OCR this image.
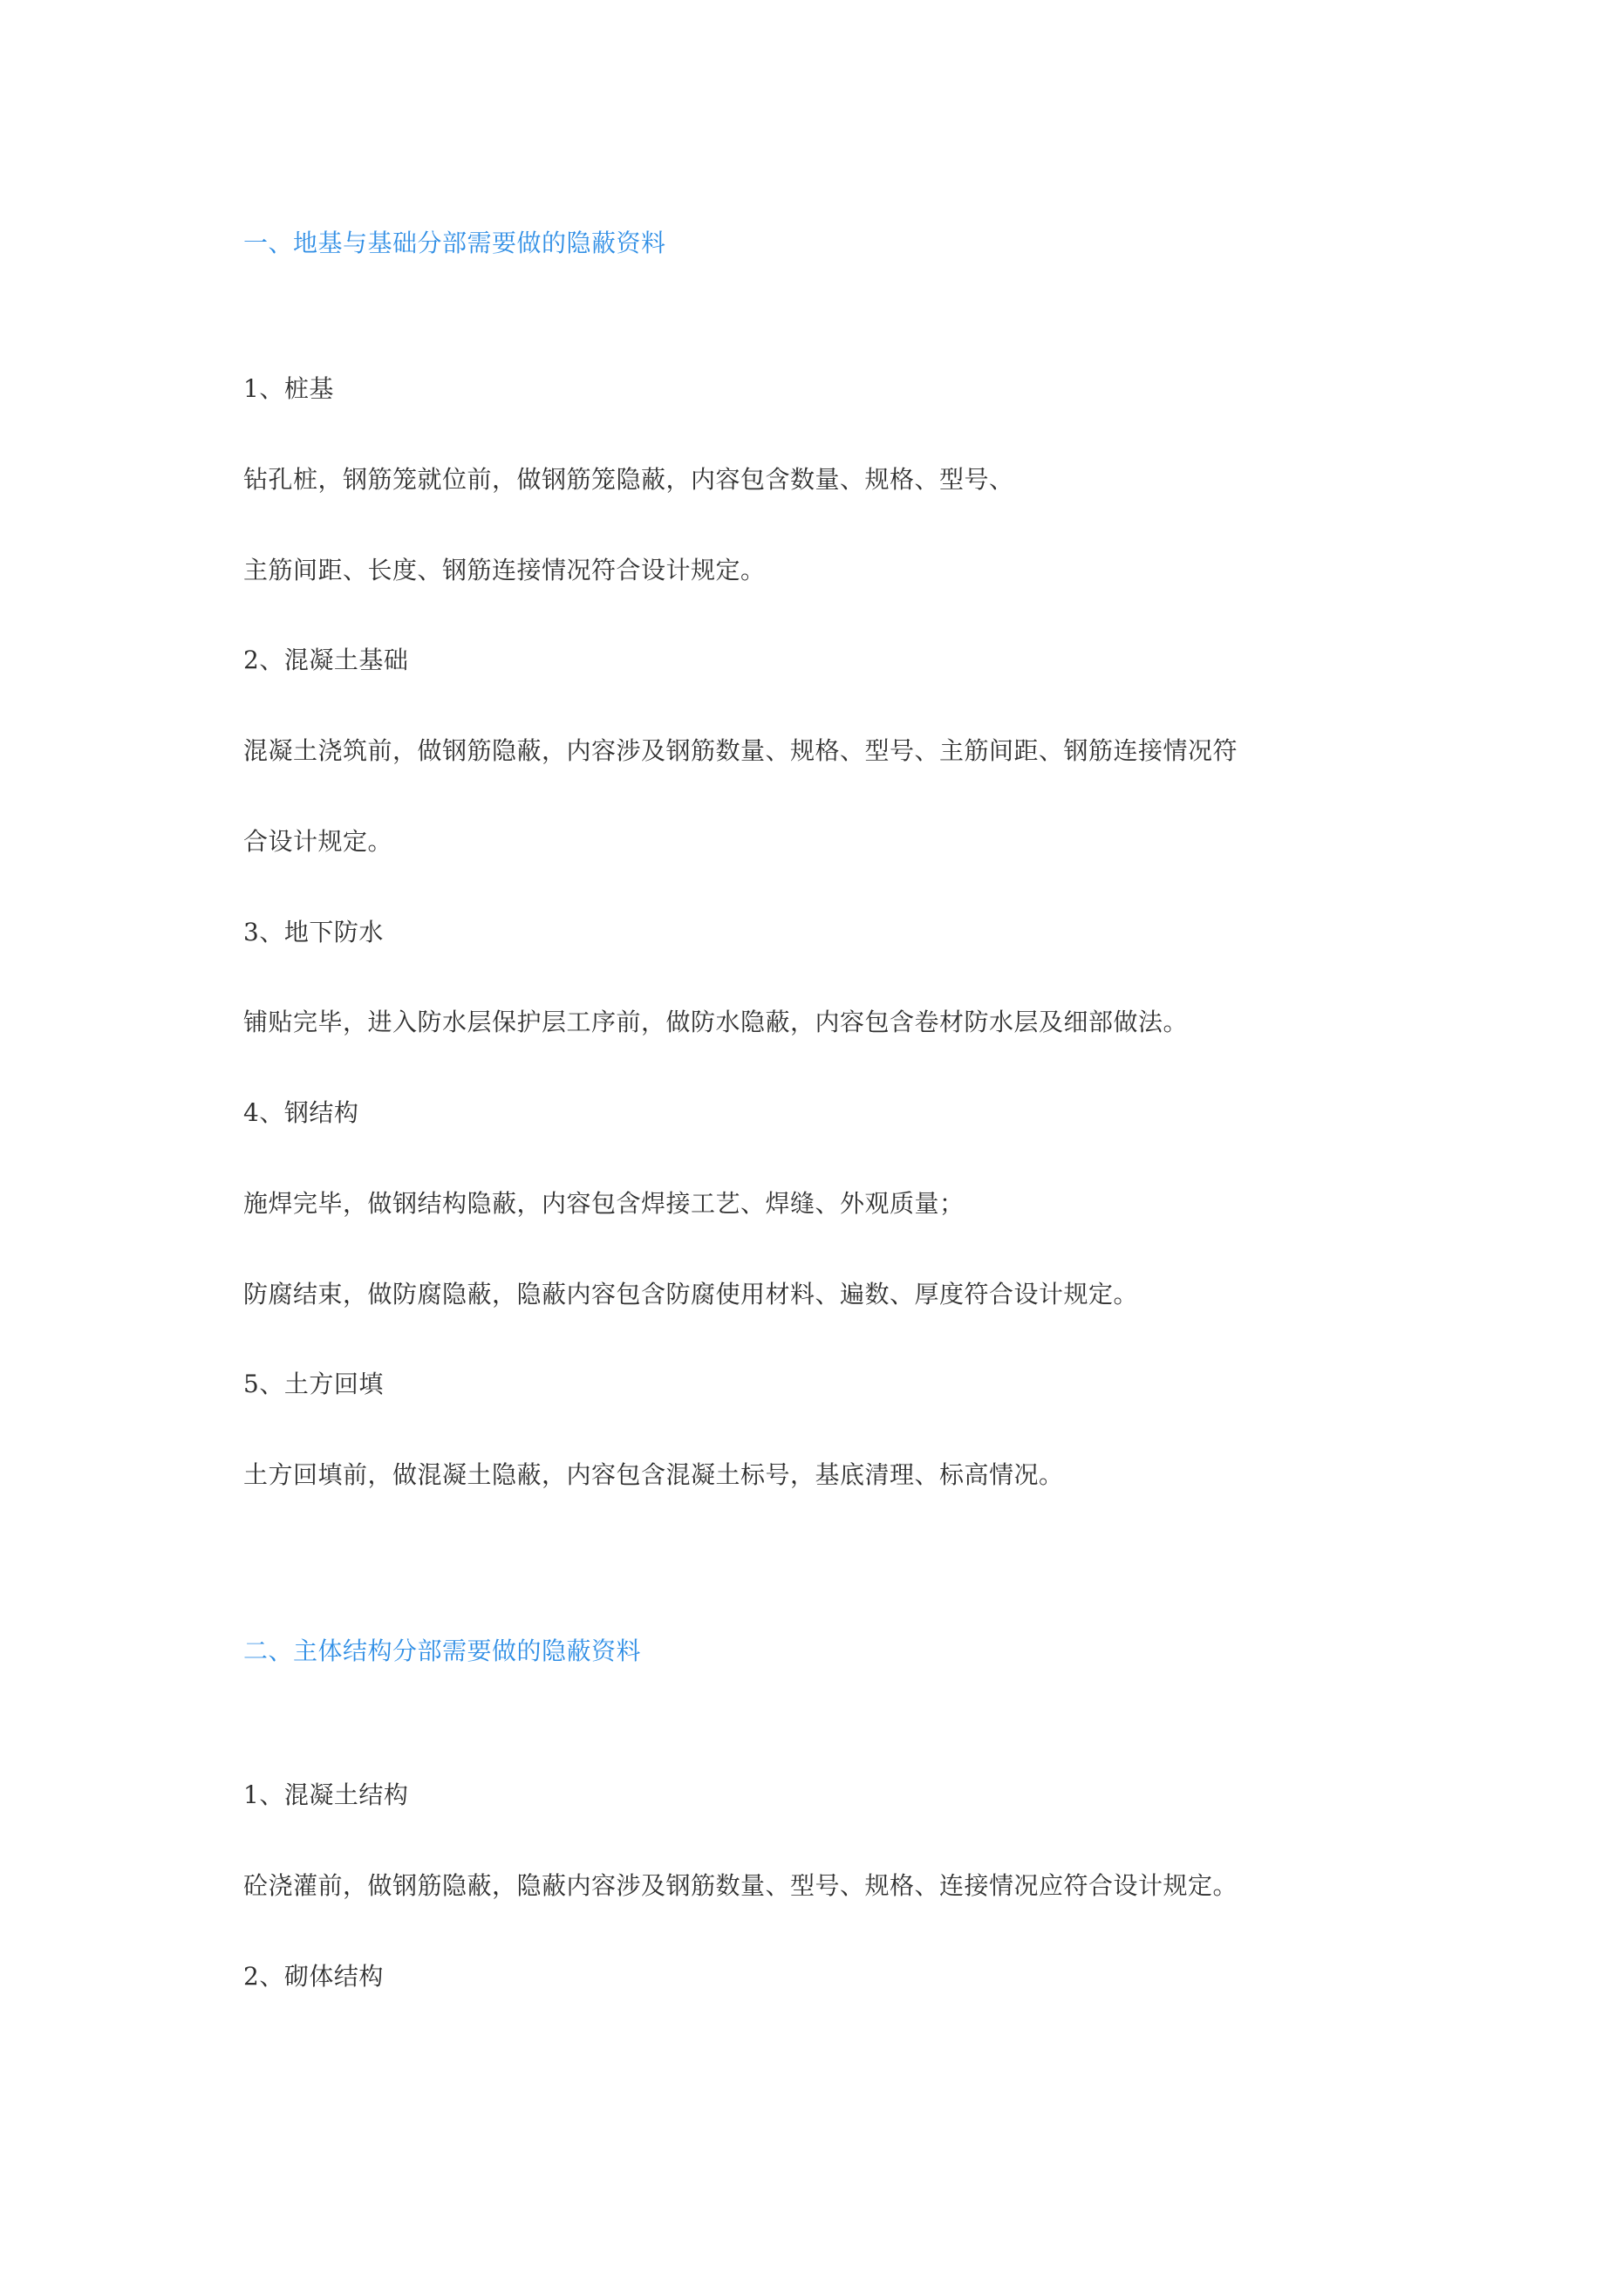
一、地基与基础分部需要做的隐蔽资料

1、桩基

钻孔桩，钢筋笼就位前，做钢筋笼隐蔽，内容包含数量、规格、型号、

主筋间距、长度、钢筋连接情况符合设计规定。

2、混凝土基础

混凝土浇筑前，做钢筋隐蔽，内容涉及钢筋数量、规格、型号、主筋间距、钢筋连接情况符

合设计规定。

3、地下防水

铺贴完毕，进入防水层保护层工序前，做防水隐蔽，内容包含卷材防水层及细部做法。

4、钢结构

施焊完毕，做钢结构隐蔽，内容包含焊接工艺、焊缝、外观质量；

防腐结束，做防腐隐蔽，隐蔽内容包含防腐使用材料、遍数、厚度符合设计规定。

5、土方回填

土方回填前，做混凝土隐蔽，内容包含混凝土标号，基底清理、标高情况。

二、主体结构分部需要做的隐蔽资料

1、混凝土结构

砼浇灌前，做钢筋隐蔽，隐蔽内容涉及钢筋数量、型号、规格、连接情况应符合设计规定。

2、砌体结构
